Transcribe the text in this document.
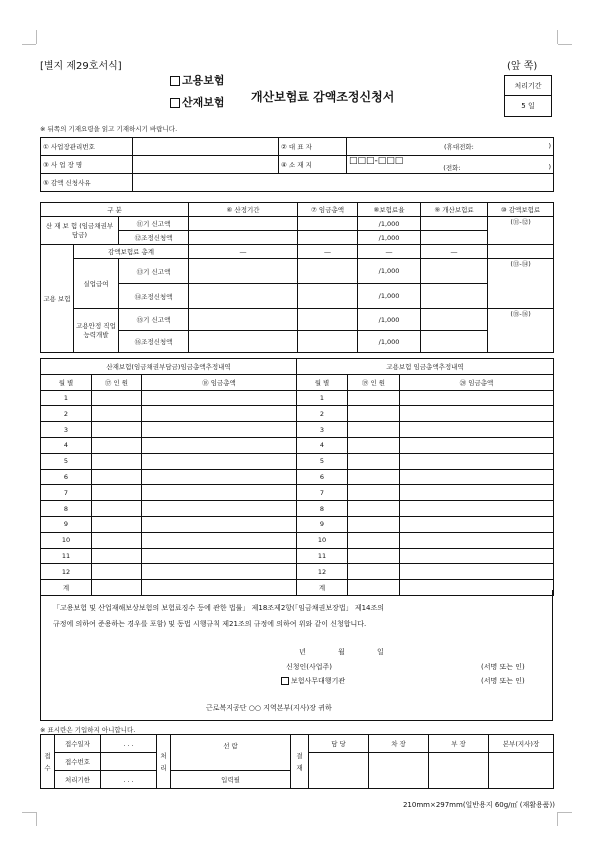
[별지 제29호서식]	(앞 쪽)
고용보험
산재보험 개산보험료 감액조정신청서
처리기간
5 일
※ 뒤쪽의 기재요령을 읽고 기재하시기 바랍니다.
① 사업장관리번호		② 대 표 자	(휴대전화: )

③ 사 업 장 명		④ 소 재 지	□□□-□□□(전화: )

⑤ 감액 신청사유			
구 분			⑥ 산정기간	⑦ 임금총액	⑧보험료율	⑨ 개산보험료	⑩ 감액보험료
산 재 보 험 (임금채권부담금)		⑪기 신고액			/1,000		(⑪-⑫)
		⑫조정신청액			/1,000		
고용 보험	감액보험료 총계		―	―	―	―	
	실업급여	⑬기 신고액			/1,000		(⑬-⑭)
		⑭조정신청액			/1,000		
	고용안정 직업능력개발	⑮기 신고액			/1,000		(⑮-⑯)
		⑯조정신청액			/1,000		
산재보험(임금채권부담금)임금총액추정내역			고용보험 임금총액추정내역		
월 별	⑰ 인 원	⑱ 임금총액	월 별	⑲ 인 원	⑳ 임금총액
1			1		
2			2		
3			3		
4			4		
5			5		
6			6		
7			7		
8			8		
9			9		
10			10		
11			11		
12			12		
계			계		

「고용보험 및 산업재해보상보험의 보험료징수 등에 관한 법률」 제18조제2항(「임금채권보장법」 제14조의

규정에 의하여 준용하는 경우를 포함) 및 동법 시행규칙 제21조의 규정에 의하여 위와 같이 신청합니다.

년 월 일
신청인(사업주)	(서명 또는 인)
보험사무대행기관	(서명 또는 인)
근로복지공단 ○○ 지역본부(지사)장 귀하
※ 표시란은 기입하지 아니합니다.
접 수	접수일자	. . .	처 리	선 람	결 재	담 당	차 장	부 장	본부(지사)장
	접수번호								
	처리기한	. . .		입력필					
210mm×297mm(일반용지 60g/㎡ (재활용품))
